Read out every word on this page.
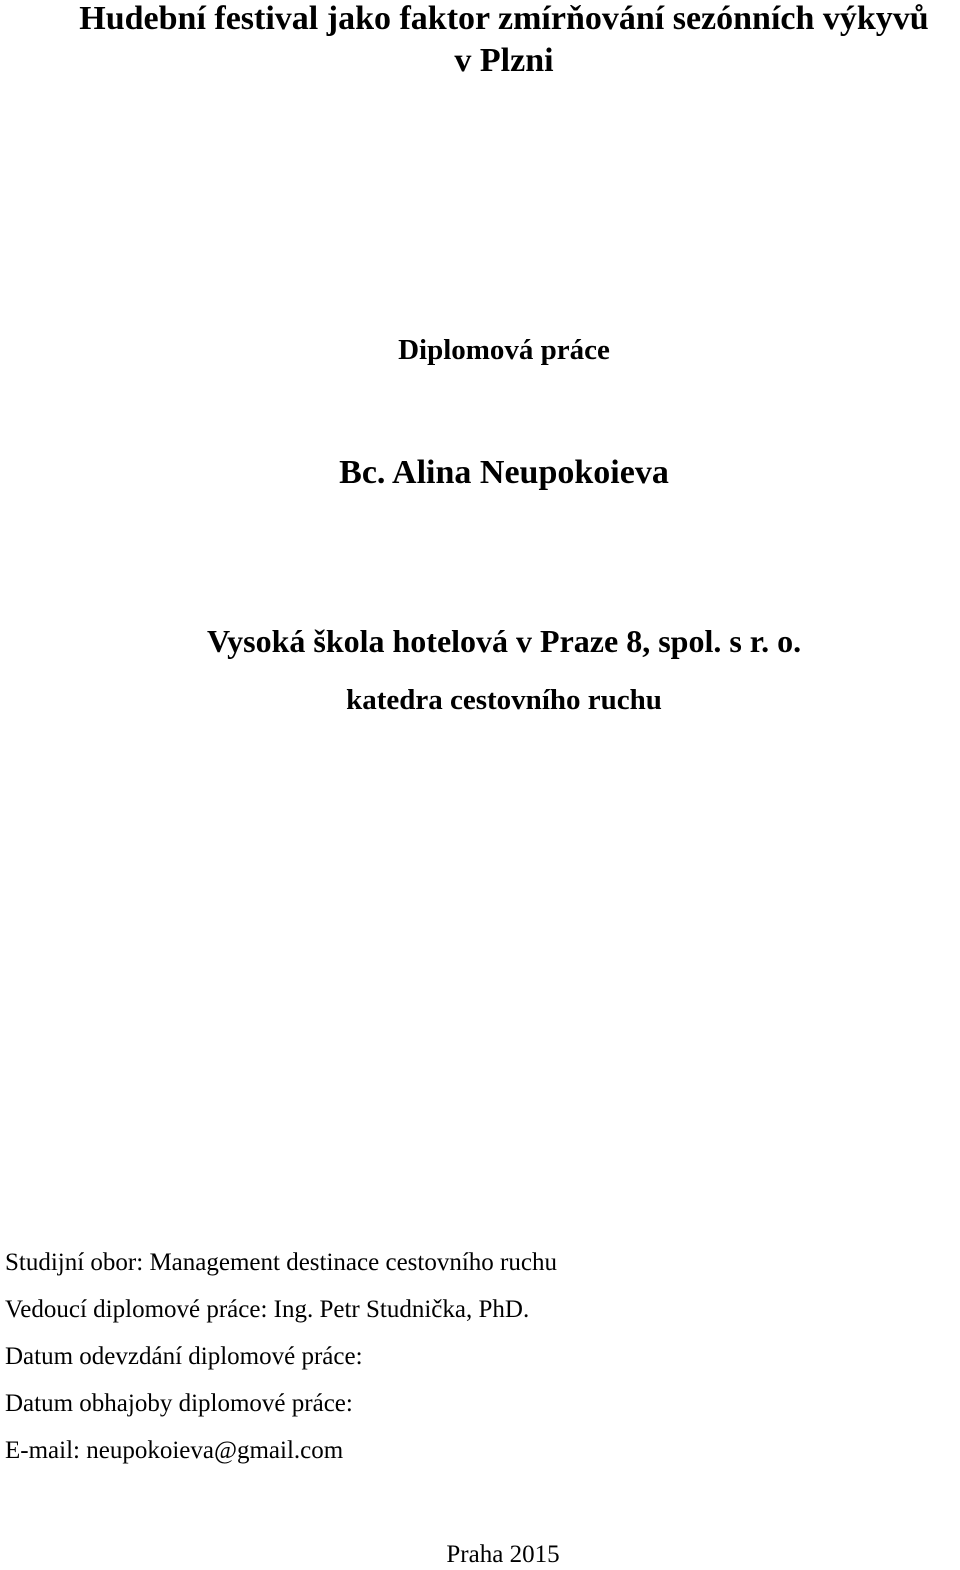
Hudební festival jako faktor zmírňování sezónních výkyvů
v Plzni

Diplomová práce

Bc. Alina Neupokoieva

Vysoká škola hotelová v Praze 8, spol. s r. o.

katedra cestovního ruchu

Studijní obor: Management destinace cestovního ruchu
Vedoucí diplomové práce: Ing. Petr Studnička, PhD.
Datum odevzdání diplomové práce:
Datum obhajoby diplomové práce:
E-mail: neupokoieva@gmail.com

Praha 2015
